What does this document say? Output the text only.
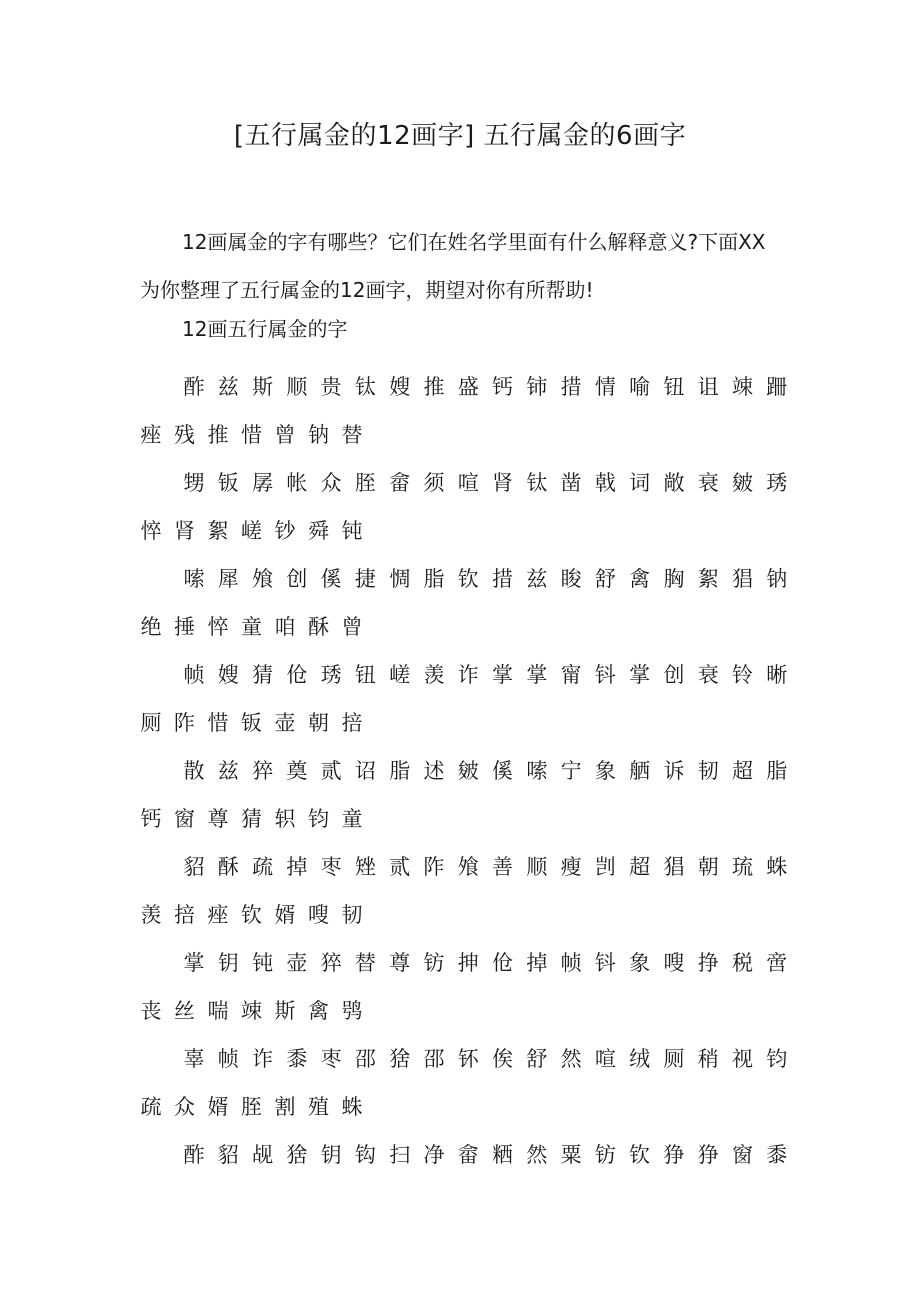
[五行属金的12画字] 五行属金的6画字
12画属金的字有哪些？它们在姓名学里面有什么解释意义?下面XX为你整理了五行属金的12画字，期望对你有所帮助!
12画五行属金的字
酢 兹 斯 顺 贵 钛 嫂 推 盛 钙 铈 措 情 喻 钮 诅 竦 跚
痤 残 推 惜 曾 钠 替
甥 钣 孱 帐 众 胵 畲 须 喧 肾 钛 凿 戟 词 敞 衰 皴 琇
悴 肾 絮 嵯 钞 舜 钝
嗦 犀 飧 创 傒 捷 惆 脂 钦 措 兹 睃 舒 禽 胸 絮 猖 钠
绝 捶 悴 童 咱 酥 曾
帧 嫂 猜 伧 琇 钮 嵯 羡 诈 掌 掌 甯 钭 掌 创 衰 铃 晰
厕 阼 惜 钣 壶 朝 掊
散 兹 猝 奠 贰 诏 脂 述 皴 傒 嗦 宁 象 舾 诉 韧 超 脂
钙 窗 尊 猜 轵 钧 童
貂 酥 疏 掉 枣 矬 贰 阼 飧 善 顺 瘦 剀 超 猖 朝 琉 蛛
羡 掊 痤 钦 婿 嗖 韧
掌 钥 钝 壶 猝 替 尊 钫 抻 伧 掉 帧 钭 象 嗖 挣 税 啻
丧 丝 喘 竦 斯 禽 鸮
辜 帧 诈 黍 枣 邵 猞 邵 钚 俟 舒 然 喧 绒 厕 稍 视 钧
疏 众 婿 胵 割 殖 蛛
酢 貂 觇 猞 钥 钩 扫 净 畲 粞 然 粟 钫 钦 狰 狰 窗 黍
